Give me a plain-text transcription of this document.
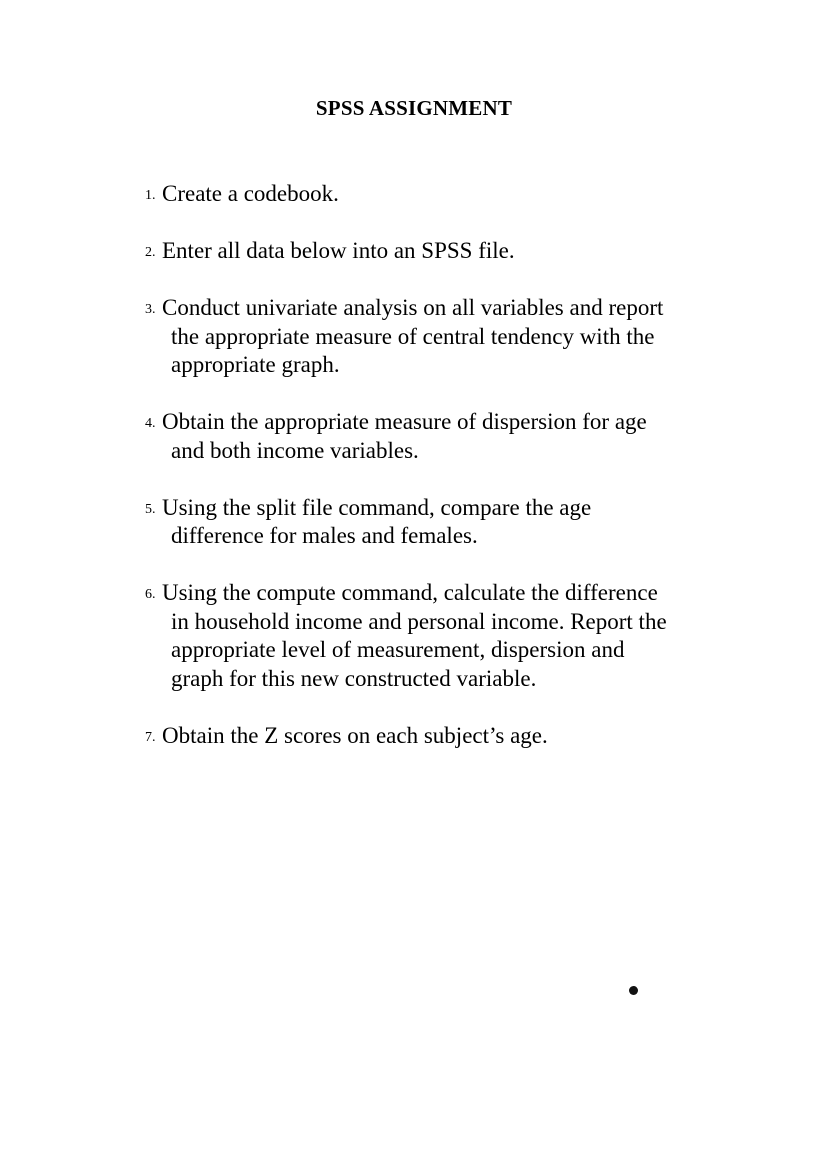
SPSS ASSIGNMENT
1. Create a codebook.
2. Enter all data below into an SPSS file.
3. Conduct univariate analysis on all variables and report
the appropriate measure of central tendency with the
appropriate graph.
4. Obtain the appropriate measure of dispersion for age
and both income variables.
5. Using the split file command, compare the age
difference for males and females.
6. Using the compute command, calculate the difference
in household income and personal income. Report the
appropriate level of measurement, dispersion and
graph for this new constructed variable.
7. Obtain the Z scores on each subject’s age.
